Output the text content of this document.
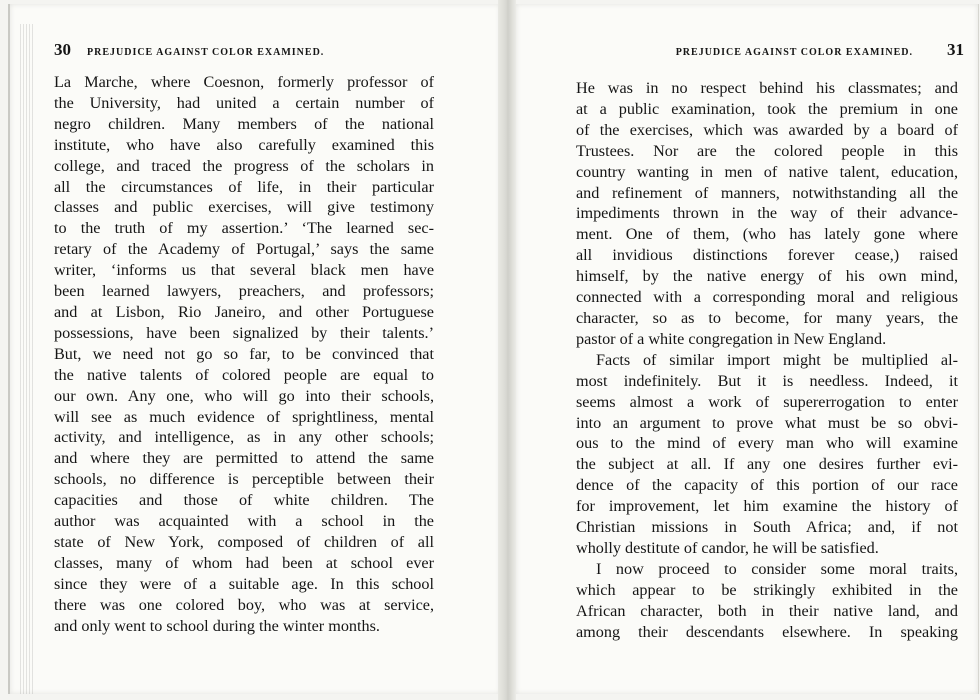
30 PREJUDICE AGAINST COLOR EXAMINED.
La Marche, where Coesnon, formerly professor of
the University, had united a certain number of
negro children. Many members of the national
institute, who have also carefully examined this
college, and traced the progress of the scholars in
all the circumstances of life, in their particular
classes and public exercises, will give testimony
to the truth of my assertion.’ ‘The learned sec-
retary of the Academy of Portugal,’ says the same
writer, ‘informs us that several black men have
been learned lawyers, preachers, and professors;
and at Lisbon, Rio Janeiro, and other Portuguese
possessions, have been signalized by their talents.’
But, we need not go so far, to be convinced that
the native talents of colored people are equal to
our own. Any one, who will go into their schools,
will see as much evidence of sprightliness, mental
activity, and intelligence, as in any other schools;
and where they are permitted to attend the same
schools, no difference is perceptible between their
capacities and those of white children. The
author was acquainted with a school in the
state of New York, composed of children of all
classes, many of whom had been at school ever
since they were of a suitable age. In this school
there was one colored boy, who was at service,
and only went to school during the winter months.
PREJUDICE AGAINST COLOR EXAMINED. 31
He was in no respect behind his classmates; and
at a public examination, took the premium in one
of the exercises, which was awarded by a board of
Trustees. Nor are the colored people in this
country wanting in men of native talent, education,
and refinement of manners, notwithstanding all the
impediments thrown in the way of their advance-
ment. One of them, (who has lately gone where
all invidious distinctions forever cease,) raised
himself, by the native energy of his own mind,
connected with a corresponding moral and religious
character, so as to become, for many years, the
pastor of a white congregation in New England.
Facts of similar import might be multiplied al-
most indefinitely. But it is needless. Indeed, it
seems almost a work of supererrogation to enter
into an argument to prove what must be so obvi-
ous to the mind of every man who will examine
the subject at all. If any one desires further evi-
dence of the capacity of this portion of our race
for improvement, let him examine the history of
Christian missions in South Africa; and, if not
wholly destitute of candor, he will be satisfied.
I now proceed to consider some moral traits,
which appear to be strikingly exhibited in the
African character, both in their native land, and
among their descendants elsewhere. In speaking
